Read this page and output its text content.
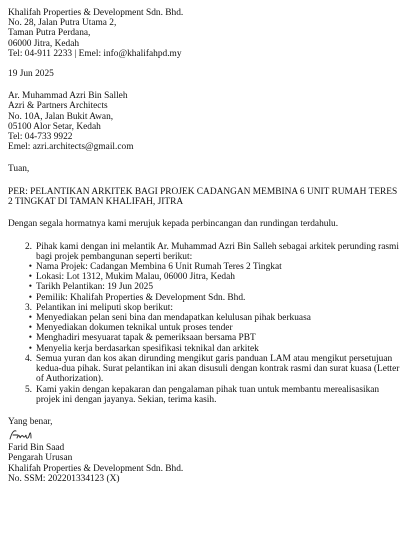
Khalifah Properties & Development Sdn. Bhd.
No. 28, Jalan Putra Utama 2,
Taman Putra Perdana,
06000 Jitra, Kedah
Tel: 04-911 2233 | Emel: info@khalifahpd.my
19 Jun 2025
Ar. Muhammad Azri Bin Salleh
Azri & Partners Architects
No. 10A, Jalan Bukit Awan,
05100 Alor Setar, Kedah
Tel: 04-733 9922
Emel: azri.architects@gmail.com
Tuan,
PER: PELANTIKAN ARKITEK BAGI PROJEK CADANGAN MEMBINA 6 UNIT RUMAH TERES 2 TINGKAT DI TAMAN KHALIFAH, JITRA
Dengan segala hormatnya kami merujuk kepada perbincangan dan rundingan terdahulu.
2. Pihak kami dengan ini melantik Ar. Muhammad Azri Bin Salleh sebagai arkitek perunding rasmi bagi projek pembangunan seperti berikut:
• Nama Projek: Cadangan Membina 6 Unit Rumah Teres 2 Tingkat
• Lokasi: Lot 1312, Mukim Malau, 06000 Jitra, Kedah
• Tarikh Pelantikan: 19 Jun 2025
• Pemilik: Khalifah Properties & Development Sdn. Bhd.
3. Pelantikan ini meliputi skop berikut:
• Menyediakan pelan seni bina dan mendapatkan kelulusan pihak berkuasa
• Menyediakan dokumen teknikal untuk proses tender
• Menghadiri mesyuarat tapak & pemeriksaan bersama PBT
• Menyelia kerja berdasarkan spesifikasi teknikal dan arkitek
4. Semua yuran dan kos akan dirunding mengikut garis panduan LAM atau mengikut persetujuan kedua-dua pihak. Surat pelantikan ini akan disusuli dengan kontrak rasmi dan surat kuasa (Letter of Authorization).
5. Kami yakin dengan kepakaran dan pengalaman pihak tuan untuk membantu merealisasikan projek ini dengan jayanya. Sekian, terima kasih.
Yang benar,
Farid Bin Saad
Pengarah Urusan
Khalifah Properties & Development Sdn. Bhd.
No. SSM: 202201334123 (X)
